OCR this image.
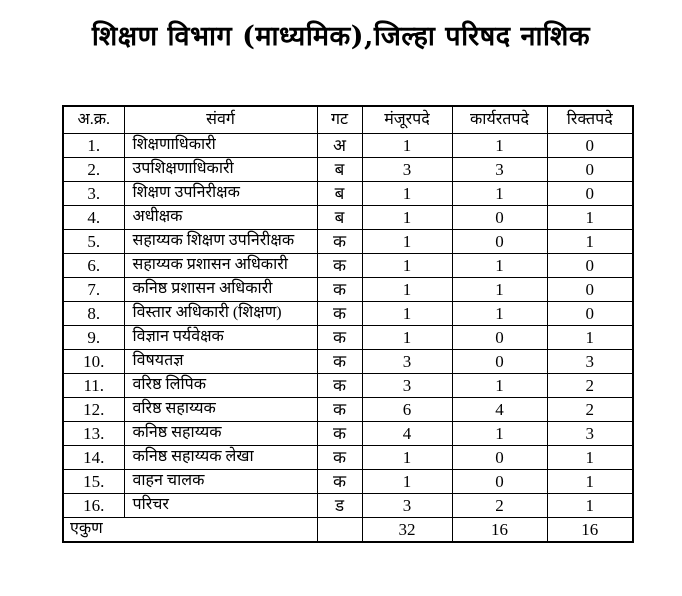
शिक्षण विभाग (माध्यमिक),जिल्हा परिषद नाशिक
अ.क्र.	संवर्ग	गट	मंजूरपदे	कार्यरतपदे	रिक्तपदे
1.	शिक्षणाधिकारी	अ	1	1	0
2.	उपशिक्षणाधिकारी	ब	3	3	0
3.	शिक्षण उपनिरीक्षक	ब	1	1	0
4.	अधीक्षक	ब	1	0	1
5.	सहाय्यक शिक्षण उपनिरीक्षक	क	1	0	1
6.	सहाय्यक प्रशासन अधिकारी	क	1	1	0
7.	कनिष्ठ प्रशासन अधिकारी	क	1	1	0
8.	विस्तार अधिकारी (शिक्षण)	क	1	1	0
9.	विज्ञान पर्यवेक्षक	क	1	0	1
10.	विषयतज्ञ	क	3	0	3
11.	वरिष्ठ लिपिक	क	3	1	2
12.	वरिष्ठ सहाय्यक	क	6	4	2
13.	कनिष्ठ सहाय्यक	क	4	1	3
14.	कनिष्ठ सहाय्यक लेखा	क	1	0	1
15.	वाहन चालक	क	1	0	1
16.	परिचर	ड	3	2	1
एकुण			32	16	16
